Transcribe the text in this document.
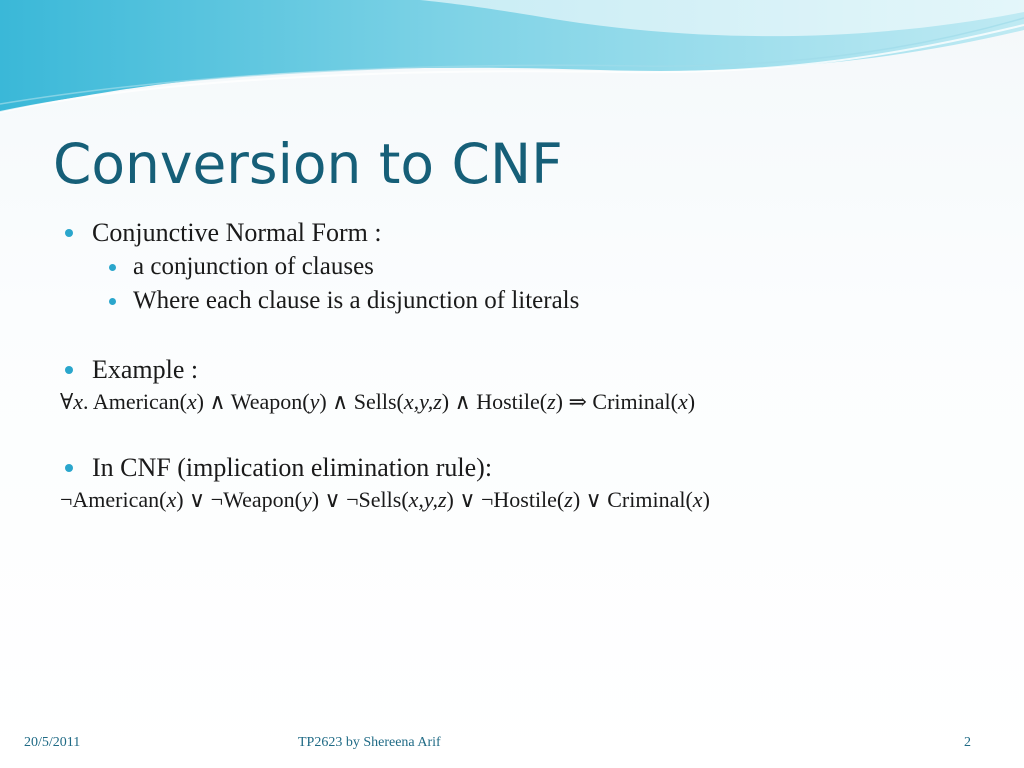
Conversion to CNF
Conjunctive Normal Form :
a conjunction of clauses
Where each clause is a disjunction of literals
Example :
∀x. American(x) ∧ Weapon(y) ∧ Sells(x,y,z) ∧ Hostile(z) ⇒ Criminal(x)
In CNF (implication elimination rule):
¬American(x) ∨ ¬Weapon(y) ∨ ¬Sells(x,y,z) ∨ ¬Hostile(z) ∨ Criminal(x)
20/5/2011	TP2623 by Shereena Arif	2
